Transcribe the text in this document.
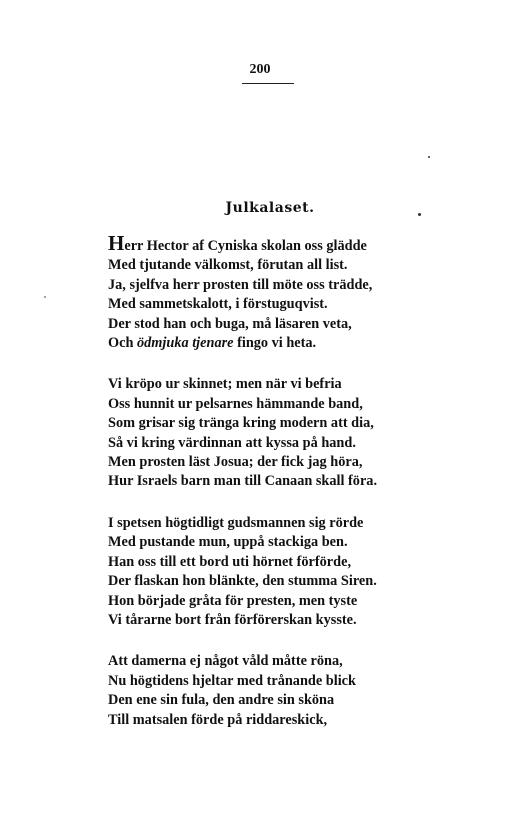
200
Julkalaset.
Herr Hector af Cyniska skolan oss glädde
Med tjutande välkomst, förutan all list.
Ja, sjelfva herr prosten till möte oss trädde,
Med sammetskalott, i förstuguqvist.
Der stod han och buga, må läsaren veta,
Och ödmjuka tjenare fingo vi heta.
Vi kröpo ur skinnet; men när vi befria
Oss hunnit ur pelsarnes hämmande band,
Som grisar sig tränga kring modern att dia,
Så vi kring värdinnan att kyssa på hand.
Men prosten läst Josua; der fick jag höra,
Hur Israels barn man till Canaan skall föra.
I spetsen högtidligt gudsmannen sig rörde
Med pustande mun, uppå stackiga ben.
Han oss till ett bord uti hörnet förförde,
Der flaskan hon blänkte, den stumma Siren.
Hon började gråta för presten, men tyste
Vi tårarne bort från förförerskan kysste.
Att damerna ej något våld måtte röna,
Nu högtidens hjeltar med trånande blick
Den ene sin fula, den andre sin sköna
Till matsalen förde på riddareskick,
